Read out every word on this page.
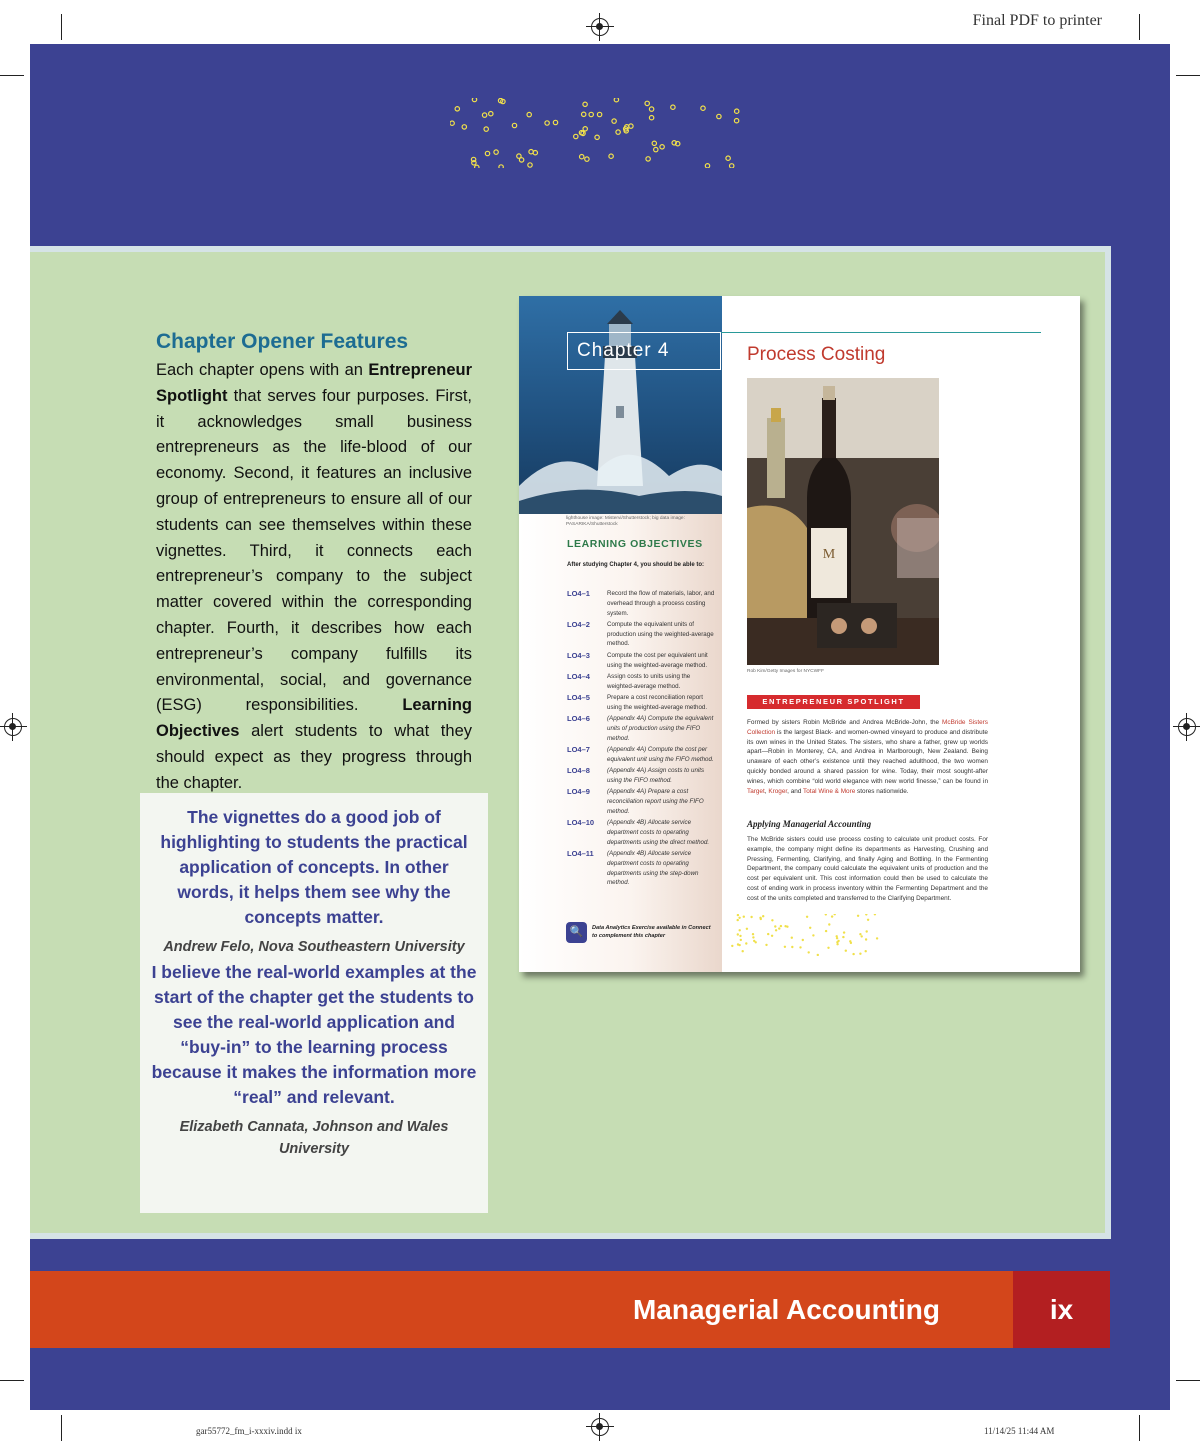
Final PDF to printer
gar55772_fm_i-xxxiv.indd ix	11/14/25 11:44 AM
Chapter Opener Features

Each chapter opens with an Entrepreneur Spotlight that serves four purposes. First, it acknowledges small business entrepreneurs as the life-blood of our economy. Second, it features an inclusive group of entrepreneurs to ensure all of our students can see themselves within these vignettes. Third, it connects each entrepreneur’s company to the subject matter covered within the corresponding chapter. Fourth, it describes how each entrepreneur’s company fulfills its environmental, social, and governance (ESG) responsibilities. Learning Objectives alert students to what they should expect as they progress through the chapter.

The vignettes do a good job of highlighting to students the practical application of concepts. In other words, it helps them see why the concepts matter.
Andrew Felo, Nova Southeastern University
I believe the real-world examples at the start of the chapter get the students to see the real-world application and “buy-in” to the learning process because it makes the information more “real” and relevant.
Elizabeth Cannata, Johnson and Wales University
lighthouse image: Mistervi/Shutterstock; big data image: PASARIKA/Shutterstock
Chapter 4
LEARNING OBJECTIVES
After studying Chapter 4, you should be able to:
LO4–1	Record the flow of materials, labor, and overhead through a process costing system.
LO4–2	Compute the equivalent units of production using the weighted-average method.
LO4–3	Compute the cost per equivalent unit using the weighted-average method.
LO4–4	Assign costs to units using the weighted-average method.
LO4–5	Prepare a cost reconciliation report using the weighted-average method.
LO4–6	(Appendix 4A) Compute the equivalent units of production using the FIFO method.
LO4–7	(Appendix 4A) Compute the cost per equivalent unit using the FIFO method.
LO4–8	(Appendix 4A) Assign costs to units using the FIFO method.
LO4–9	(Appendix 4A) Prepare a cost reconciliation report using the FIFO method.
LO4–10	(Appendix 4B) Allocate service department costs to operating departments using the direct method.
LO4–11	(Appendix 4B) Allocate service department costs to operating departments using the step-down method.
🔍	Data Analytics Exercise available in Connect to complement this chapter
Process Costing
M
Rob Kim/Getty Images for NYCWFF
ENTREPRENEUR SPOTLIGHT
Formed by sisters Robin McBride and Andrea McBride-John, the McBride Sisters Collection is the largest Black- and women-owned vineyard to produce and distribute its own wines in the United States. The sisters, who share a father, grew up worlds apart—Robin in Monterey, CA, and Andrea in Marlborough, New Zealand. Being unaware of each other’s existence until they reached adulthood, the two women quickly bonded around a shared passion for wine. Today, their most sought-after wines, which combine “old world elegance with new world finesse,” can be found in Target, Kroger, and Total Wine & More stores nationwide.
Applying Managerial Accounting
The McBride sisters could use process costing to calculate unit product costs. For example, the company might define its departments as Harvesting, Crushing and Pressing, Fermenting, Clarifying, and finally Aging and Bottling. In the Fermenting Department, the company could calculate the equivalent units of production and the cost per equivalent unit. This cost information could then be used to calculate the cost of ending work in process inventory within the Fermenting Department and the cost of the units completed and transferred to the Clarifying Department.
Managerial Accounting	ix
